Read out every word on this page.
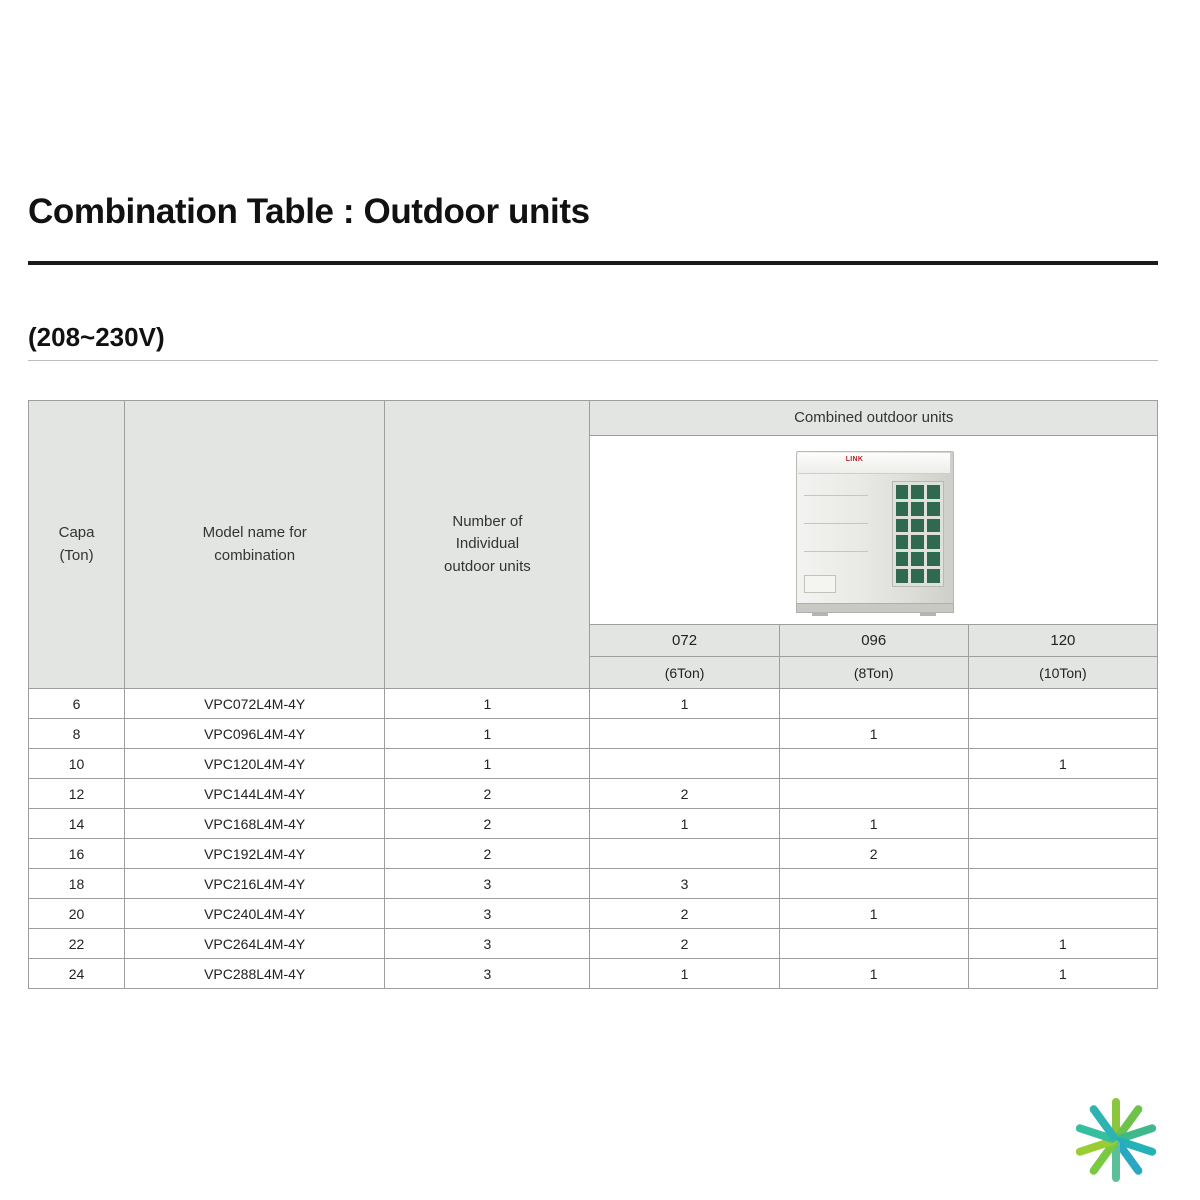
Combination Table : Outdoor units
(208~230V)
Capa
(Ton)

Model name for
combination

Number of
Individual
outdoor units
	Combined outdoor units

			LINK		

			072	096	120
			(6Ton)	(8Ton)	(10Ton)
6	VPC072L4M-4Y	1	1		
8	VPC096L4M-4Y	1		1	
10	VPC120L4M-4Y	1			1
12	VPC144L4M-4Y	2	2		
14	VPC168L4M-4Y	2	1	1	
16	VPC192L4M-4Y	2		2	
18	VPC216L4M-4Y	3	3		
20	VPC240L4M-4Y	3	2	1	
22	VPC264L4M-4Y	3	2		1
24	VPC288L4M-4Y	3	1	1	1
